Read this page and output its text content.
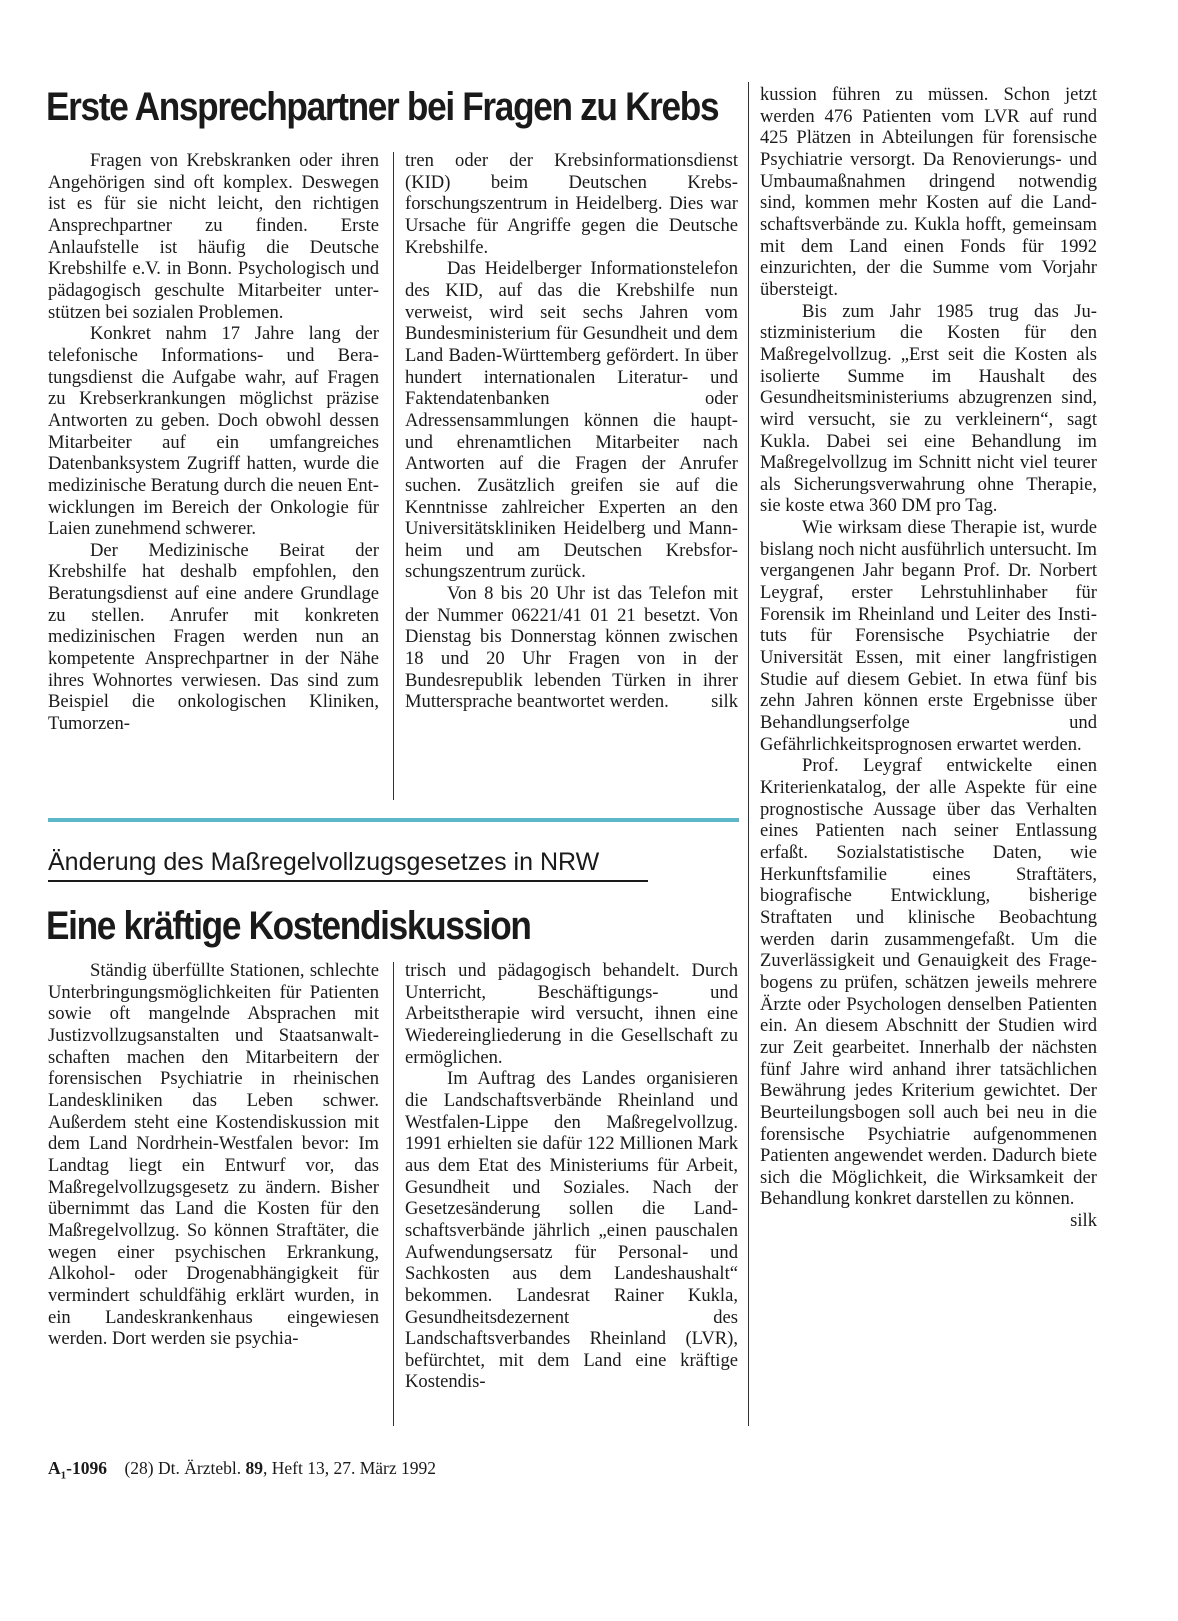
Erste Ansprechpartner bei Fragen zu Krebs

Fragen von Krebskranken oder ihren Angehörigen sind oft komplex. Deswegen ist es für sie nicht leicht, den richtigen Ansprechpartner zu finden. Erste Anlaufstelle ist häufig die Deutsche Krebshilfe e.V. in Bonn. Psychologisch und pädagogisch geschulte Mitarbeiter unterstützen bei sozialen Problemen.

Konkret nahm 17 Jahre lang der telefonische Informations- und Beratungsdienst die Aufgabe wahr, auf Fragen zu Krebserkrankungen möglichst präzise Antworten zu geben. Doch obwohl dessen Mitarbeiter auf ein umfangreiches Datenbanksystem Zugriff hatten, wurde die medizinische Beratung durch die neuen Entwicklungen im Bereich der Onkologie für Laien zunehmend schwerer.

Der Medizinische Beirat der Krebshilfe hat deshalb empfohlen, den Beratungsdienst auf eine andere Grundlage zu stellen. Anrufer mit konkreten medizinischen Fragen werden nun an kompetente Ansprechpartner in der Nähe ihres Wohnortes verwiesen. Das sind zum Beispiel die onkologischen Kliniken, Tumorzen-

tren oder der Krebsinformationsdienst (KID) beim Deutschen Krebsforschungszentrum in Heidelberg. Dies war Ursache für Angriffe gegen die Deutsche Krebshilfe.

Das Heidelberger Informationstelefon des KID, auf das die Krebshilfe nun verweist, wird seit sechs Jahren vom Bundesministerium für Gesundheit und dem Land Baden-Württemberg gefördert. In über hundert internationalen Literatur- und Faktendatenbanken oder Adressensammlungen können die haupt- und ehrenamtlichen Mitarbeiter nach Antworten auf die Fragen der Anrufer suchen. Zusätzlich greifen sie auf die Kenntnisse zahlreicher Experten an den Universitätskliniken Heidelberg und Mannheim und am Deutschen Krebsforschungszentrum zurück.

Von 8 bis 20 Uhr ist das Telefon mit der Nummer 06221/41 01 21 besetzt. Von Dienstag bis Donnerstag können zwischen 18 und 20 Uhr Fragen von in der Bundesrepublik lebenden Türken in ihrer Muttersprache beantwortet werden.	silk

Änderung des Maßregelvollzugsgesetzes in NRW
Eine kräftige Kostendiskussion

Ständig überfüllte Stationen, schlechte Unterbringungsmöglichkeiten für Patienten sowie oft mangelnde Absprachen mit Justizvollzugsanstalten und Staatsanwaltschaften machen den Mitarbeitern der forensischen Psychiatrie in rheinischen Landeskliniken das Leben schwer. Außerdem steht eine Kostendiskussion mit dem Land Nordrhein-Westfalen bevor: Im Landtag liegt ein Entwurf vor, das Maßregelvollzugsgesetz zu ändern. Bisher übernimmt das Land die Kosten für den Maßregelvollzug. So können Straftäter, die wegen einer psychischen Erkrankung, Alkohol- oder Drogenabhängigkeit für vermindert schuldfähig erklärt wurden, in ein Landeskrankenhaus eingewiesen werden. Dort werden sie psychia-

trisch und pädagogisch behandelt. Durch Unterricht, Beschäftigungs- und Arbeitstherapie wird versucht, ihnen eine Wiedereingliederung in die Gesellschaft zu ermöglichen.

Im Auftrag des Landes organisieren die Landschaftsverbände Rheinland und Westfalen-Lippe den Maßregelvollzug. 1991 erhielten sie dafür 122 Millionen Mark aus dem Etat des Ministeriums für Arbeit, Gesundheit und Soziales. Nach der Gesetzesänderung sollen die Landschaftsverbände jährlich „einen pauschalen Aufwendungsersatz für Personal- und Sachkosten aus dem Landeshaushalt“ bekommen. Landesrat Rainer Kukla, Gesundheitsdezernent des Landschaftsverbandes Rheinland (LVR), befürchtet, mit dem Land eine kräftige Kostendis-

kussion führen zu müssen. Schon jetzt werden 476 Patienten vom LVR auf rund 425 Plätzen in Abteilungen für forensische Psychiatrie versorgt. Da Renovierungs- und Umbaumaßnahmen dringend notwendig sind, kommen mehr Kosten auf die Landschaftsverbände zu. Kukla hofft, gemeinsam mit dem Land einen Fonds für 1992 einzurichten, der die Summe vom Vorjahr übersteigt.

Bis zum Jahr 1985 trug das Justizministerium die Kosten für den Maßregelvollzug. „Erst seit die Kosten als isolierte Summe im Haushalt des Gesundheitsministeriums abzugrenzen sind, wird versucht, sie zu verkleinern“, sagt Kukla. Dabei sei eine Behandlung im Maßregelvollzug im Schnitt nicht viel teurer als Sicherungsverwahrung ohne Therapie, sie koste etwa 360 DM pro Tag.

Wie wirksam diese Therapie ist, wurde bislang noch nicht ausführlich untersucht. Im vergangenen Jahr begann Prof. Dr. Norbert Leygraf, erster Lehrstuhlinhaber für Forensik im Rheinland und Leiter des Instituts für Forensische Psychiatrie der Universität Essen, mit einer langfristigen Studie auf diesem Gebiet. In etwa fünf bis zehn Jahren können erste Ergebnisse über Behandlungserfolge und Gefährlichkeitsprognosen erwartet werden.

Prof. Leygraf entwickelte einen Kriterienkatalog, der alle Aspekte für eine prognostische Aussage über das Verhalten eines Patienten nach seiner Entlassung erfaßt. Sozialstatistische Daten, wie Herkunftsfamilie eines Straftäters, biografische Entwicklung, bisherige Straftaten und klinische Beobachtung werden darin zusammengefaßt. Um die Zuverlässigkeit und Genauigkeit des Fragebogens zu prüfen, schätzen jeweils mehrere Ärzte oder Psychologen denselben Patienten ein. An diesem Abschnitt der Studien wird zur Zeit gearbeitet. Innerhalb der nächsten fünf Jahre wird anhand ihrer tatsächlichen Bewährung jedes Kriterium gewichtet. Der Beurteilungsbogen soll auch bei neu in die forensische Psychiatrie aufgenommenen Patienten angewendet werden. Dadurch biete sich die Möglichkeit, die Wirksamkeit der Behandlung konkret darstellen zu können.
silk

$A_1-1096$ (28) Dt. Ärztebl. 89, Heft 13, 27. März 1992
